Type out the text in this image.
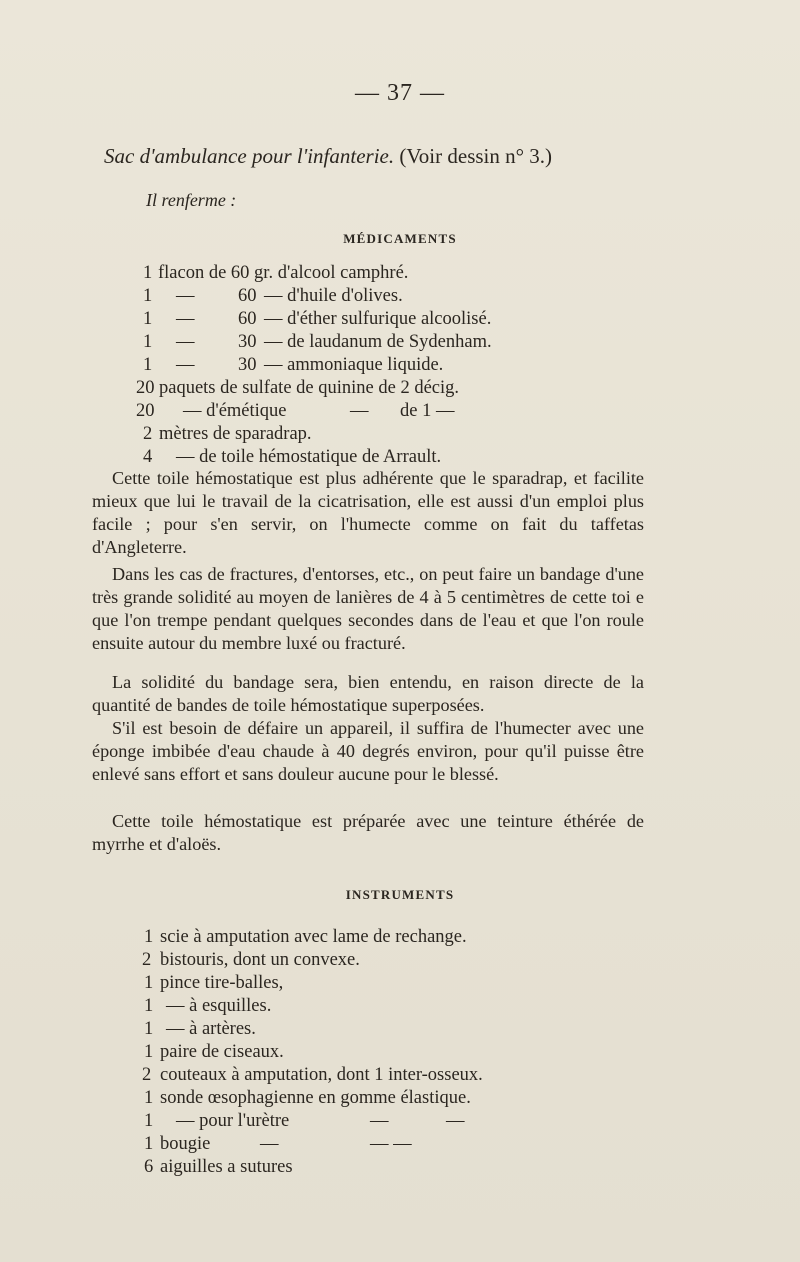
— 37 —
Sac d'ambulance pour l'infanterie. (Voir dessin n° 3.)
Il renferme :
MÉDICAMENTS
1 flacon de 60 gr. d'alcool camphré.
1 — 60 — d'huile d'olives.
1 — 60 — d'éther sulfurique alcoolisé.
1 — 30 — de laudanum de Sydenham.
1 — 30 — ammoniaque liquide.
20 paquets de sulfate de quinine de 2 décig.
20 — d'émétique	— de 1 —
2 mètres de sparadrap.
4 — de toile hémostatique de Arrault.

Cette toile hémostatique est plus adhérente que le sparadrap, et facilite mieux que lui le travail de la cicatrisation, elle est aussi d'un emploi plus facile ; pour s'en servir, on l'humecte comme on fait du taffetas d'Angleterre.

Dans les cas de fractures, d'entorses, etc., on peut faire un bandage d'une très grande solidité au moyen de lanières de 4 à 5 centimètres de cette toi e que l'on trempe pendant quelques secondes dans de l'eau et que l'on roule ensuite autour du membre luxé ou fracturé.

La solidité du bandage sera, bien entendu, en raison directe de la quantité de bandes de toile hémostatique superposées.

S'il est besoin de défaire un appareil, il suffira de l'humecter avec une éponge imbibée d'eau chaude à 40 degrés environ, pour qu'il puisse être enlevé sans effort et sans douleur aucune pour le blessé.

Cette toile hémostatique est préparée avec une teinture éthérée de myrrhe et d'aloës.

INSTRUMENTS
1 scie à amputation avec lame de rechange.
2 bistouris, dont un convexe.
1 pince tire-balles,
1 — à esquilles.
1 — à artères.
1 paire de ciseaux.
2 couteaux à amputation, dont 1 inter-osseux.
1 sonde œsophagienne en gomme élastique.
1 — pour l'urètre	—	—
1 bougie	—	— —
6 aiguilles a sutures
